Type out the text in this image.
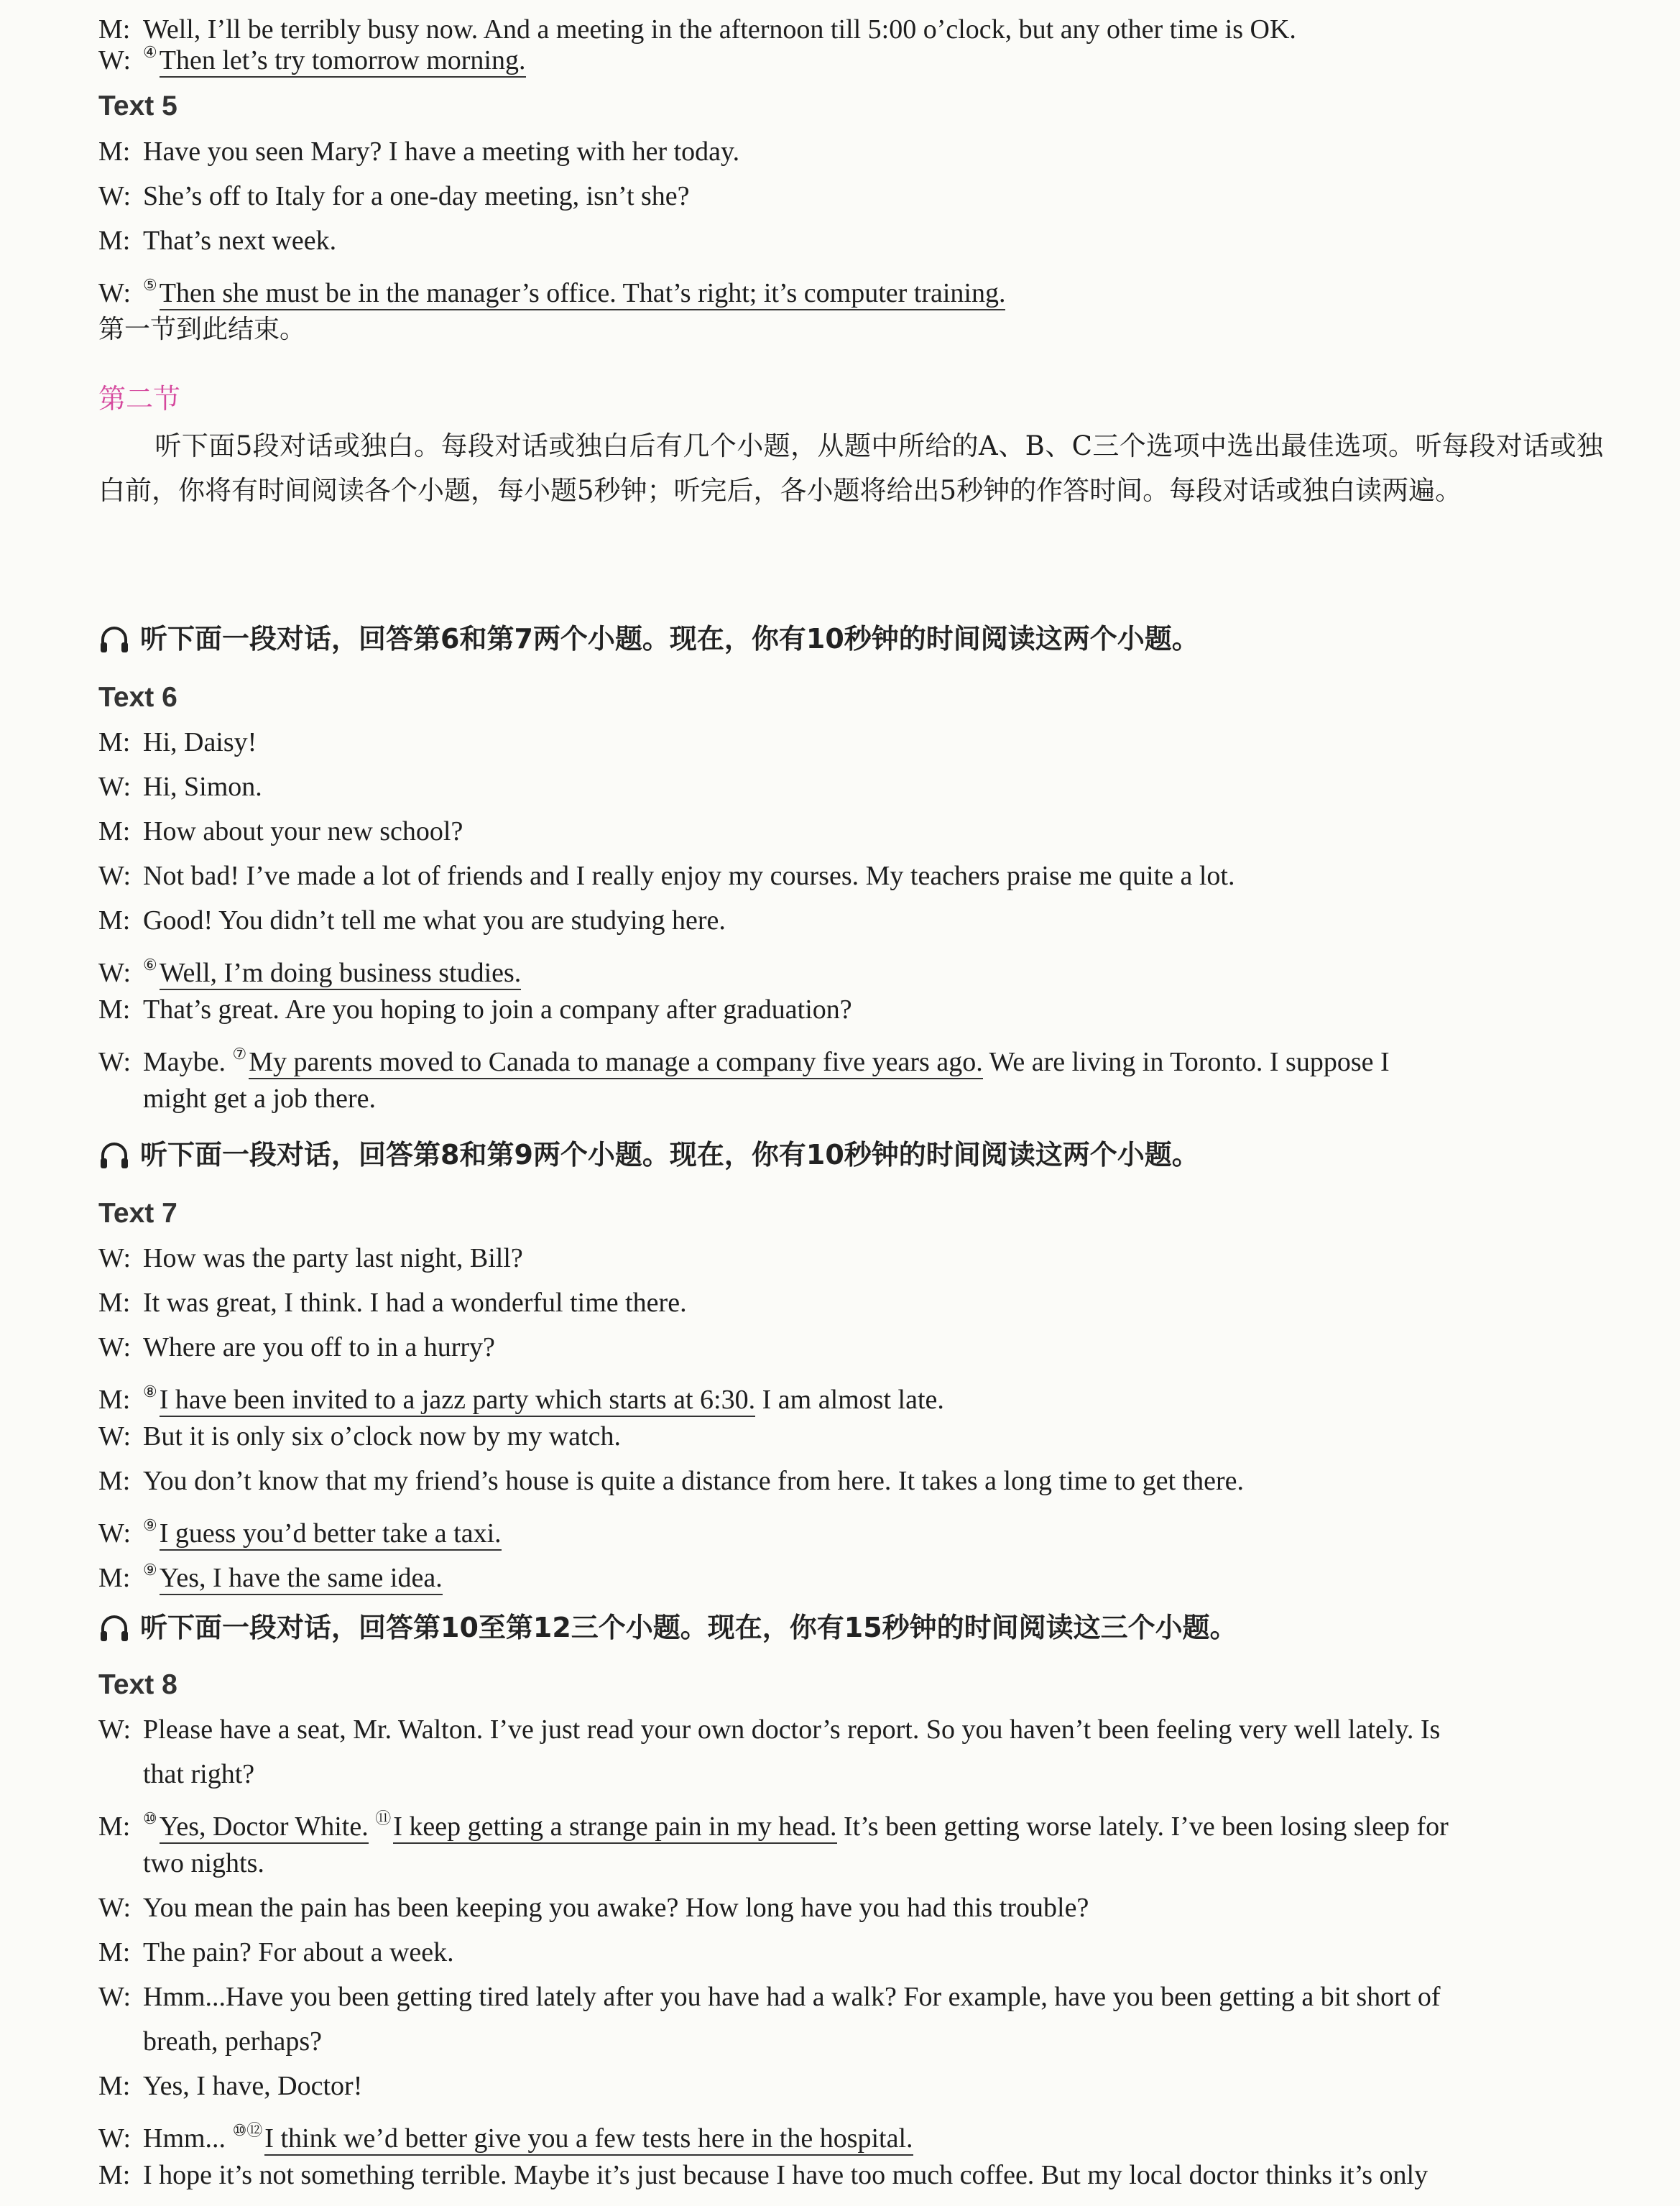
M: Well, I’ll be terribly busy now. And a meeting in the afternoon till 5:00 o’clock, but any other time is OK.
W: ④Then let’s try tomorrow morning.
Text 5
M: Have you seen Mary? I have a meeting with her today.
W: She’s off to Italy for a one-day meeting, isn’t she?
M: That’s next week.
W: ⑤Then she must be in the manager’s office. That’s right; it’s computer training.
第一节到此结束。
第二节
听下面5段对话或独白。每段对话或独白后有几个小题，从题中所给的A、B、C三个选项中选出最佳选项。听每段对话或独白前，你将有时间阅读各个小题，每小题5秒钟；听完后，各小题将给出5秒钟的作答时间。每段对话或独白读两遍。
听下面一段对话，回答第6和第7两个小题。现在，你有10秒钟的时间阅读这两个小题。
Text 6
M: Hi, Daisy!
W: Hi, Simon.
M: How about your new school?
W: Not bad! I’ve made a lot of friends and I really enjoy my courses. My teachers praise me quite a lot.
M: Good! You didn’t tell me what you are studying here.
W: ⑥Well, I’m doing business studies.
M: That’s great. Are you hoping to join a company after graduation?
W: Maybe. ⑦My parents moved to Canada to manage a company five years ago. We are living in Toronto. I suppose I
might get a job there.
听下面一段对话，回答第8和第9两个小题。现在，你有10秒钟的时间阅读这两个小题。
Text 7
W: How was the party last night, Bill?
M: It was great, I think. I had a wonderful time there.
W: Where are you off to in a hurry?
M: ⑧I have been invited to a jazz party which starts at 6:30. I am almost late.
W: But it is only six o’clock now by my watch.
M: You don’t know that my friend’s house is quite a distance from here. It takes a long time to get there.
W: ⑨I guess you’d better take a taxi.
M: ⑨Yes, I have the same idea.
听下面一段对话，回答第10至第12三个小题。现在，你有15秒钟的时间阅读这三个小题。
Text 8
W: Please have a seat, Mr. Walton. I’ve just read your own doctor’s report. So you haven’t been feeling very well lately. Is
that right?
M: ⑩Yes, Doctor White. ⑪I keep getting a strange pain in my head. It’s been getting worse lately. I’ve been losing sleep for
two nights.
W: You mean the pain has been keeping you awake? How long have you had this trouble?
M: The pain? For about a week.
W: Hmm...Have you been getting tired lately after you have had a walk? For example, have you been getting a bit short of
breath, perhaps?
M: Yes, I have, Doctor!
W: Hmm... ⑩⑫I think we’d better give you a few tests here in the hospital.
M: I hope it’s not something terrible. Maybe it’s just because I have too much coffee. But my local doctor thinks it’s only
